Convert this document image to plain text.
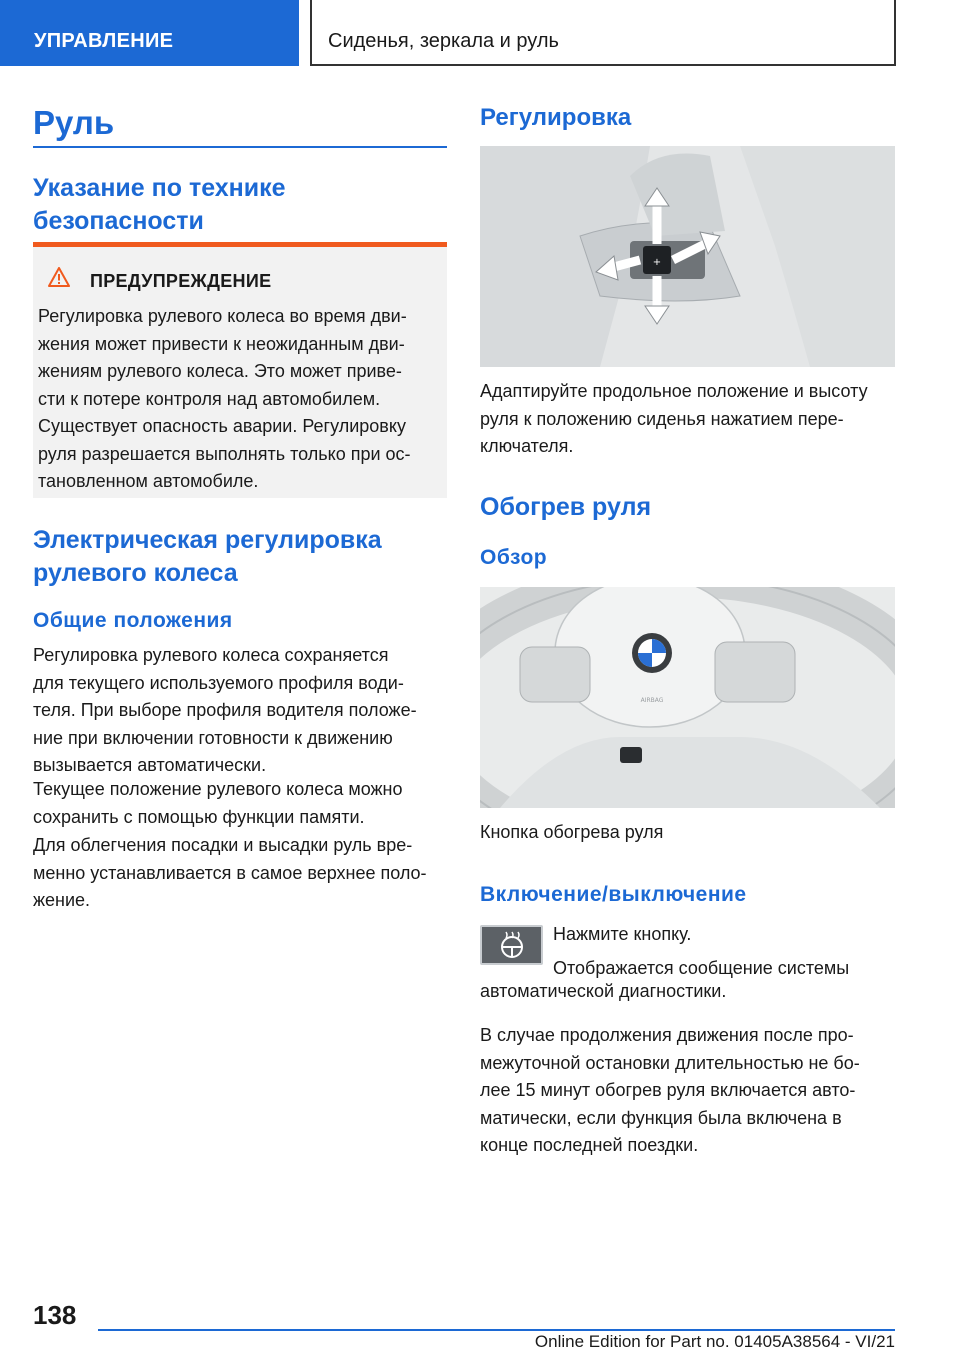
УПРАВЛЕНИЕ	Сиденья, зеркала и руль
Руль
Указание по технике
безопасности
ПРЕДУПРЕЖДЕНИЕ
Регулировка рулевого колеса во время дви-
жения может привести к неожиданным дви-
жениям рулевого колеса. Это может приве-
сти к потере контроля над автомобилем.
Существует опасность аварии. Регулировку
руля разрешается выполнять только при ос-
тановленном автомобиле.
Электрическая регулировка
рулевого колеса
Общие положения
Регулировка рулевого колеса сохраняется
для текущего используемого профиля води-
теля. При выборе профиля водителя положе-
ние при включении готовности к движению
вызывается автоматически.
Текущее положение рулевого колеса можно
сохранить с помощью функции памяти.
Для облегчения посадки и высадки руль вре-
менно устанавливается в самое верхнее поло-
жение.
Регулировка
+
Адаптируйте продольное положение и высоту
руля к положению сиденья нажатием пере-
ключателя.
Обогрев руля
Обзор
AIRBAG
Кнопка обогрева руля
Включение/выключение
Нажмите кнопку.
Отображается сообщение системы
автоматической диагностики.
В случае продолжения движения после про-
межуточной остановки длительностью не бо-
лее 15 минут обогрев руля включается авто-
матически, если функция была включена в
конце последней поездки.
138
Online Edition for Part no. 01405A38564 - VI/21
